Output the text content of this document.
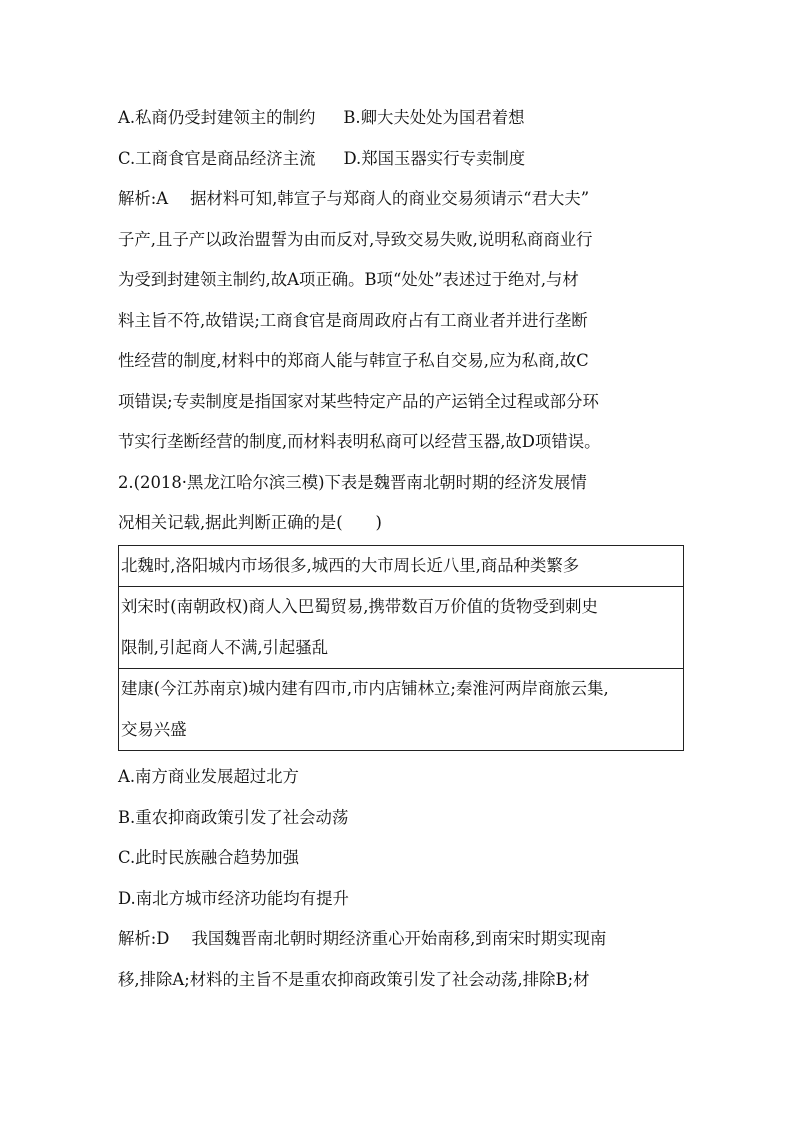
A.私商仍受封建领主的制约 B.卿大夫处处为国君着想
C.工商食官是商品经济主流 D.郑国玉器实行专卖制度
解析:A 据材料可知,韩宣子与郑商人的商业交易须请示“君大夫”
子产,且子产以政治盟誓为由而反对,导致交易失败,说明私商商业行
为受到封建领主制约,故A项正确。B项“处处”表述过于绝对,与材
料主旨不符,故错误;工商食官是商周政府占有工商业者并进行垄断
性经营的制度,材料中的郑商人能与韩宣子私自交易,应为私商,故C
项错误;专卖制度是指国家对某些特定产品的产运销全过程或部分环
节实行垄断经营的制度,而材料表明私商可以经营玉器,故D项错误。
2.(2018·黑龙江哈尔滨三模)下表是魏晋南北朝时期的经济发展情
况相关记载,据此判断正确的是(　　)
北魏时,洛阳城内市场很多,城西的大市周长近八里,商品种类繁多
刘宋时(南朝政权)商人入巴蜀贸易,携带数百万价值的货物受到刺史
限制,引起商人不满,引起骚乱
建康(今江苏南京)城内建有四市,市内店铺林立;秦淮河两岸商旅云集,
交易兴盛
A.南方商业发展超过北方
B.重农抑商政策引发了社会动荡
C.此时民族融合趋势加强
D.南北方城市经济功能均有提升
解析:D 我国魏晋南北朝时期经济重心开始南移,到南宋时期实现南
移,排除A;材料的主旨不是重农抑商政策引发了社会动荡,排除B;材
